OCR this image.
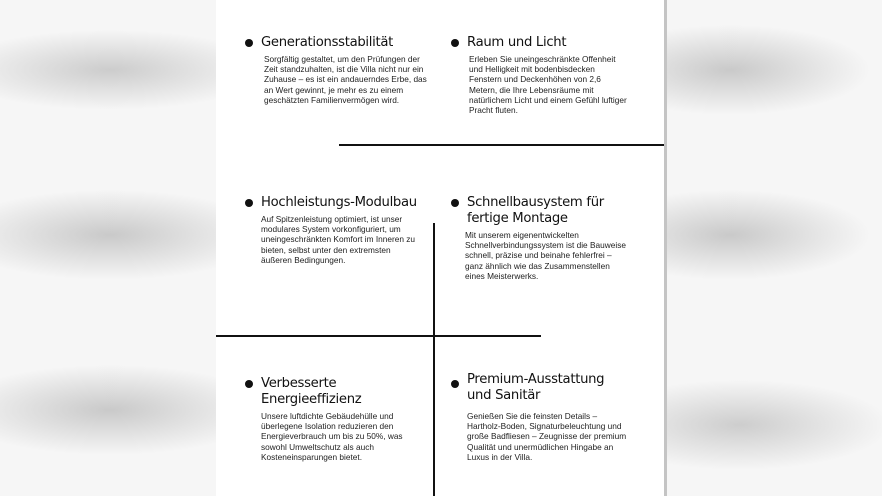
Generationsstabilität

Sorgfältig gestaltet, um den Prüfungen der Zeit standzuhalten, ist die Villa nicht nur ein Zuhause – es ist ein andauerndes Erbe, das an Wert gewinnt, je mehr es zu einem geschätzten Familienvermögen wird.

Raum und Licht

Erleben Sie uneingeschränkte Offenheit und Helligkeit mit bodenbisdecken Fenstern und Deckenhöhen von 2,6 Metern, die Ihre Lebensräume mit natürlichem Licht und einem Gefühl luftiger Pracht fluten.

Hochleistungs-Modulbau

Auf Spitzenleistung optimiert, ist unser modulares System vorkonfiguriert, um uneingeschränkten Komfort im Inneren zu bieten, selbst unter den extremsten äußeren Bedingungen.

Schnellbausystem für fertige Montage

Mit unserem eigenentwickelten Schnellverbindungssystem ist die Bauweise schnell, präzise und beinahe fehlerfrei – ganz ähnlich wie das Zusammenstellen eines Meisterwerks.

Verbesserte Energieeffizienz

Unsere luftdichte Gebäudehülle und überlegene Isolation reduzieren den Energieverbrauch um bis zu 50%, was sowohl Umweltschutz als auch Kosteneinsparungen bietet.

Premium-Ausstattung und Sanitär

Genießen Sie die feinsten Details – Hartholz-Boden, Signaturbeleuchtung und große Badfliesen – Zeugnisse der premium Qualität und unermüdlichen Hingabe an Luxus in der Villa.
